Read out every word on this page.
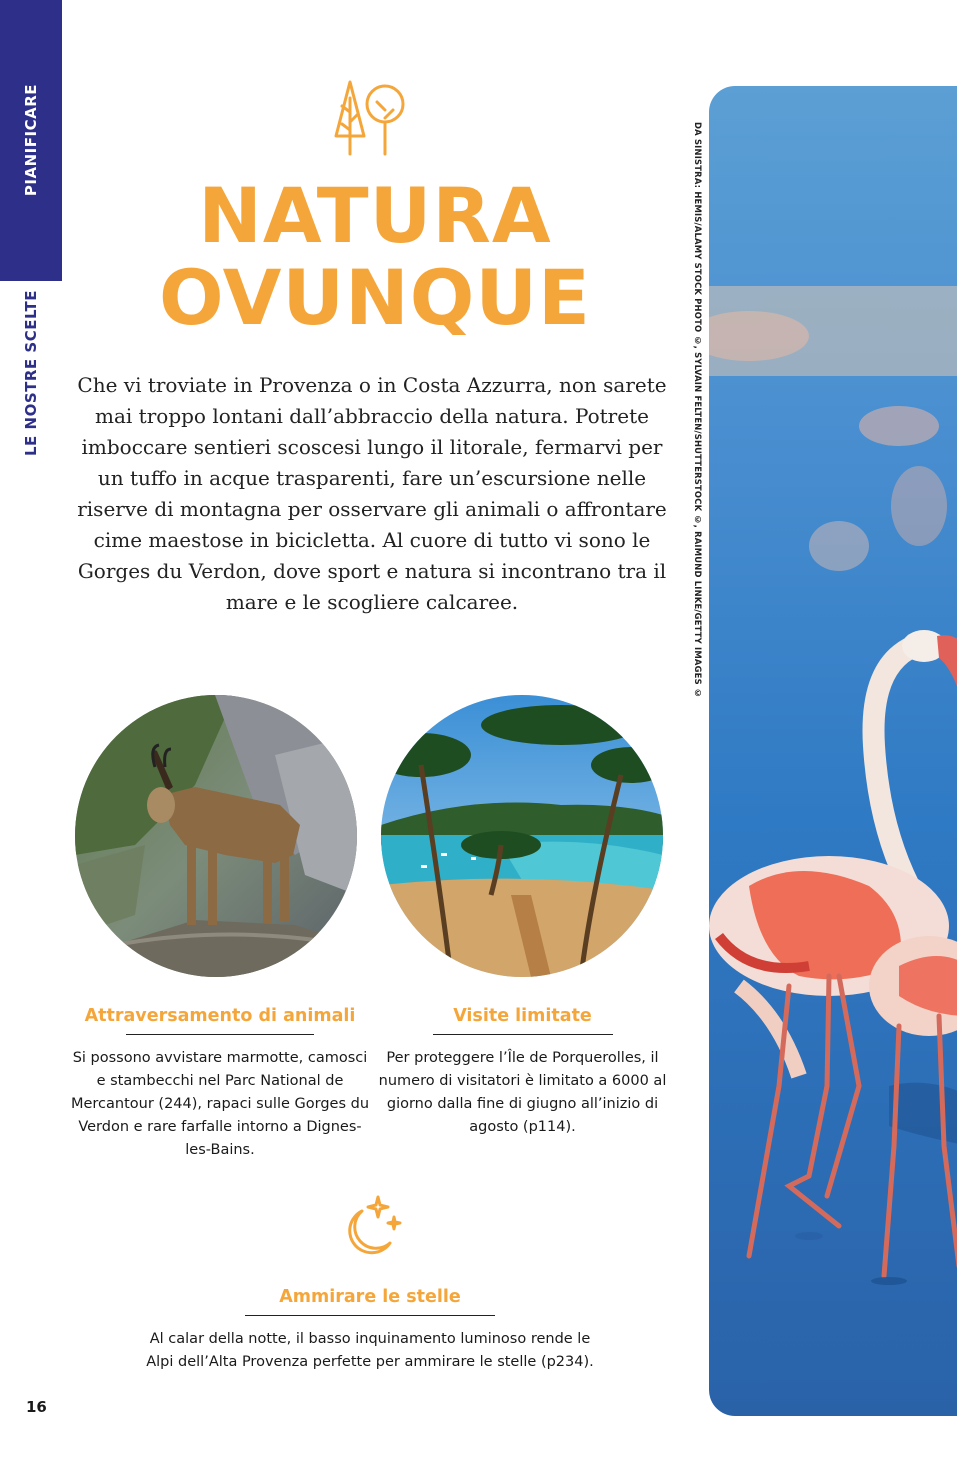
PIANIFICARE
LE NOSTRE SCELTE
16
NATURA
OVUNQUE
Che vi troviate in Provenza o in Costa Azzurra, non sarete mai troppo lontani dall’abbraccio della natura. Potrete imboccare sentieri scoscesi lungo il litorale, fermarvi per un tuffo in acque trasparenti, fare un’escursione nelle riserve di montagna per osservare gli animali o affrontare cime maestose in bicicletta. Al cuore di tutto vi sono le Gorges du Verdon, dove sport e natura si incontrano tra il mare e le scogliere calcaree.
Attraversamento di animali

Si possono avvistare marmotte, camosci e stambecchi nel Parc National de Mercantour (244), rapaci sulle Gorges du Verdon e rare farfalle intorno a Dignes-les-Bains.

Visite limitate

Per proteggere l’Île de Porquerolles, il numero di visitatori è limitato a 6000 al giorno dalla fine di giugno all’inizio di agosto (p114).

Ammirare le stelle

Al calar della notte, il basso inquinamento luminoso rende le Alpi dell’Alta Provenza perfette per ammirare le stelle (p234).

DA SINISTRA: HEMIS/ALAMY STOCK PHOTO ©, SYLVAIN FELTEN/SHUTTERSTOCK ©, RAIMUND LINKE/GETTY IMAGES ©
